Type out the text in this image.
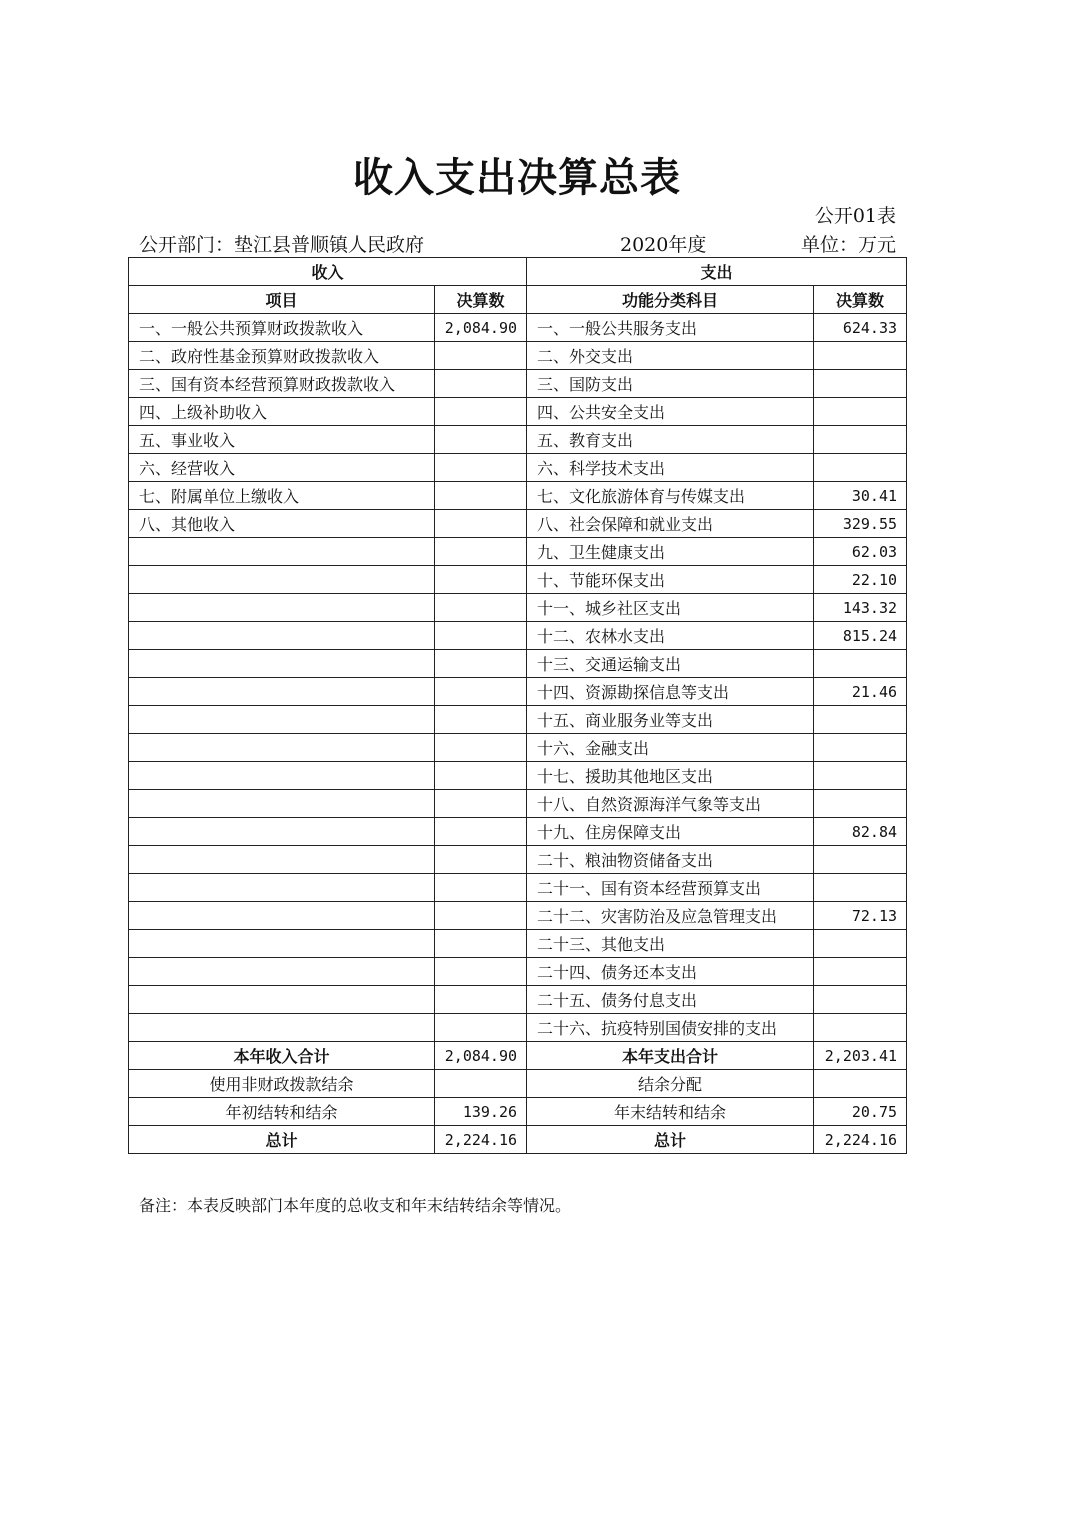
收入支出决算总表
公开01表
公开部门：垫江县普顺镇人民政府	2020年度	单位：万元
收入		支出	
项目	决算数	功能分类科目	决算数
一、一般公共预算财政拨款收入	2,084.90	一、一般公共服务支出	624.33
二、政府性基金预算财政拨款收入		二、外交支出	
三、国有资本经营预算财政拨款收入		三、国防支出	
四、上级补助收入		四、公共安全支出	
五、事业收入		五、教育支出	
六、经营收入		六、科学技术支出	
七、附属单位上缴收入		七、文化旅游体育与传媒支出	30.41
八、其他收入		八、社会保障和就业支出	329.55
		九、卫生健康支出	62.03
		十、节能环保支出	22.10
		十一、城乡社区支出	143.32
		十二、农林水支出	815.24
		十三、交通运输支出	
		十四、资源勘探信息等支出	21.46
		十五、商业服务业等支出	
		十六、金融支出	
		十七、援助其他地区支出	
		十八、自然资源海洋气象等支出	
		十九、住房保障支出	82.84
		二十、粮油物资储备支出	
		二十一、国有资本经营预算支出	
		二十二、灾害防治及应急管理支出	72.13
		二十三、其他支出	
		二十四、债务还本支出	
		二十五、债务付息支出	
		二十六、抗疫特别国债安排的支出	
本年收入合计	2,084.90	本年支出合计	2,203.41
使用非财政拨款结余		结余分配	
年初结转和结余	139.26	年末结转和结余	20.75
总计	2,224.16	总计	2,224.16
备注：本表反映部门本年度的总收支和年末结转结余等情况。
